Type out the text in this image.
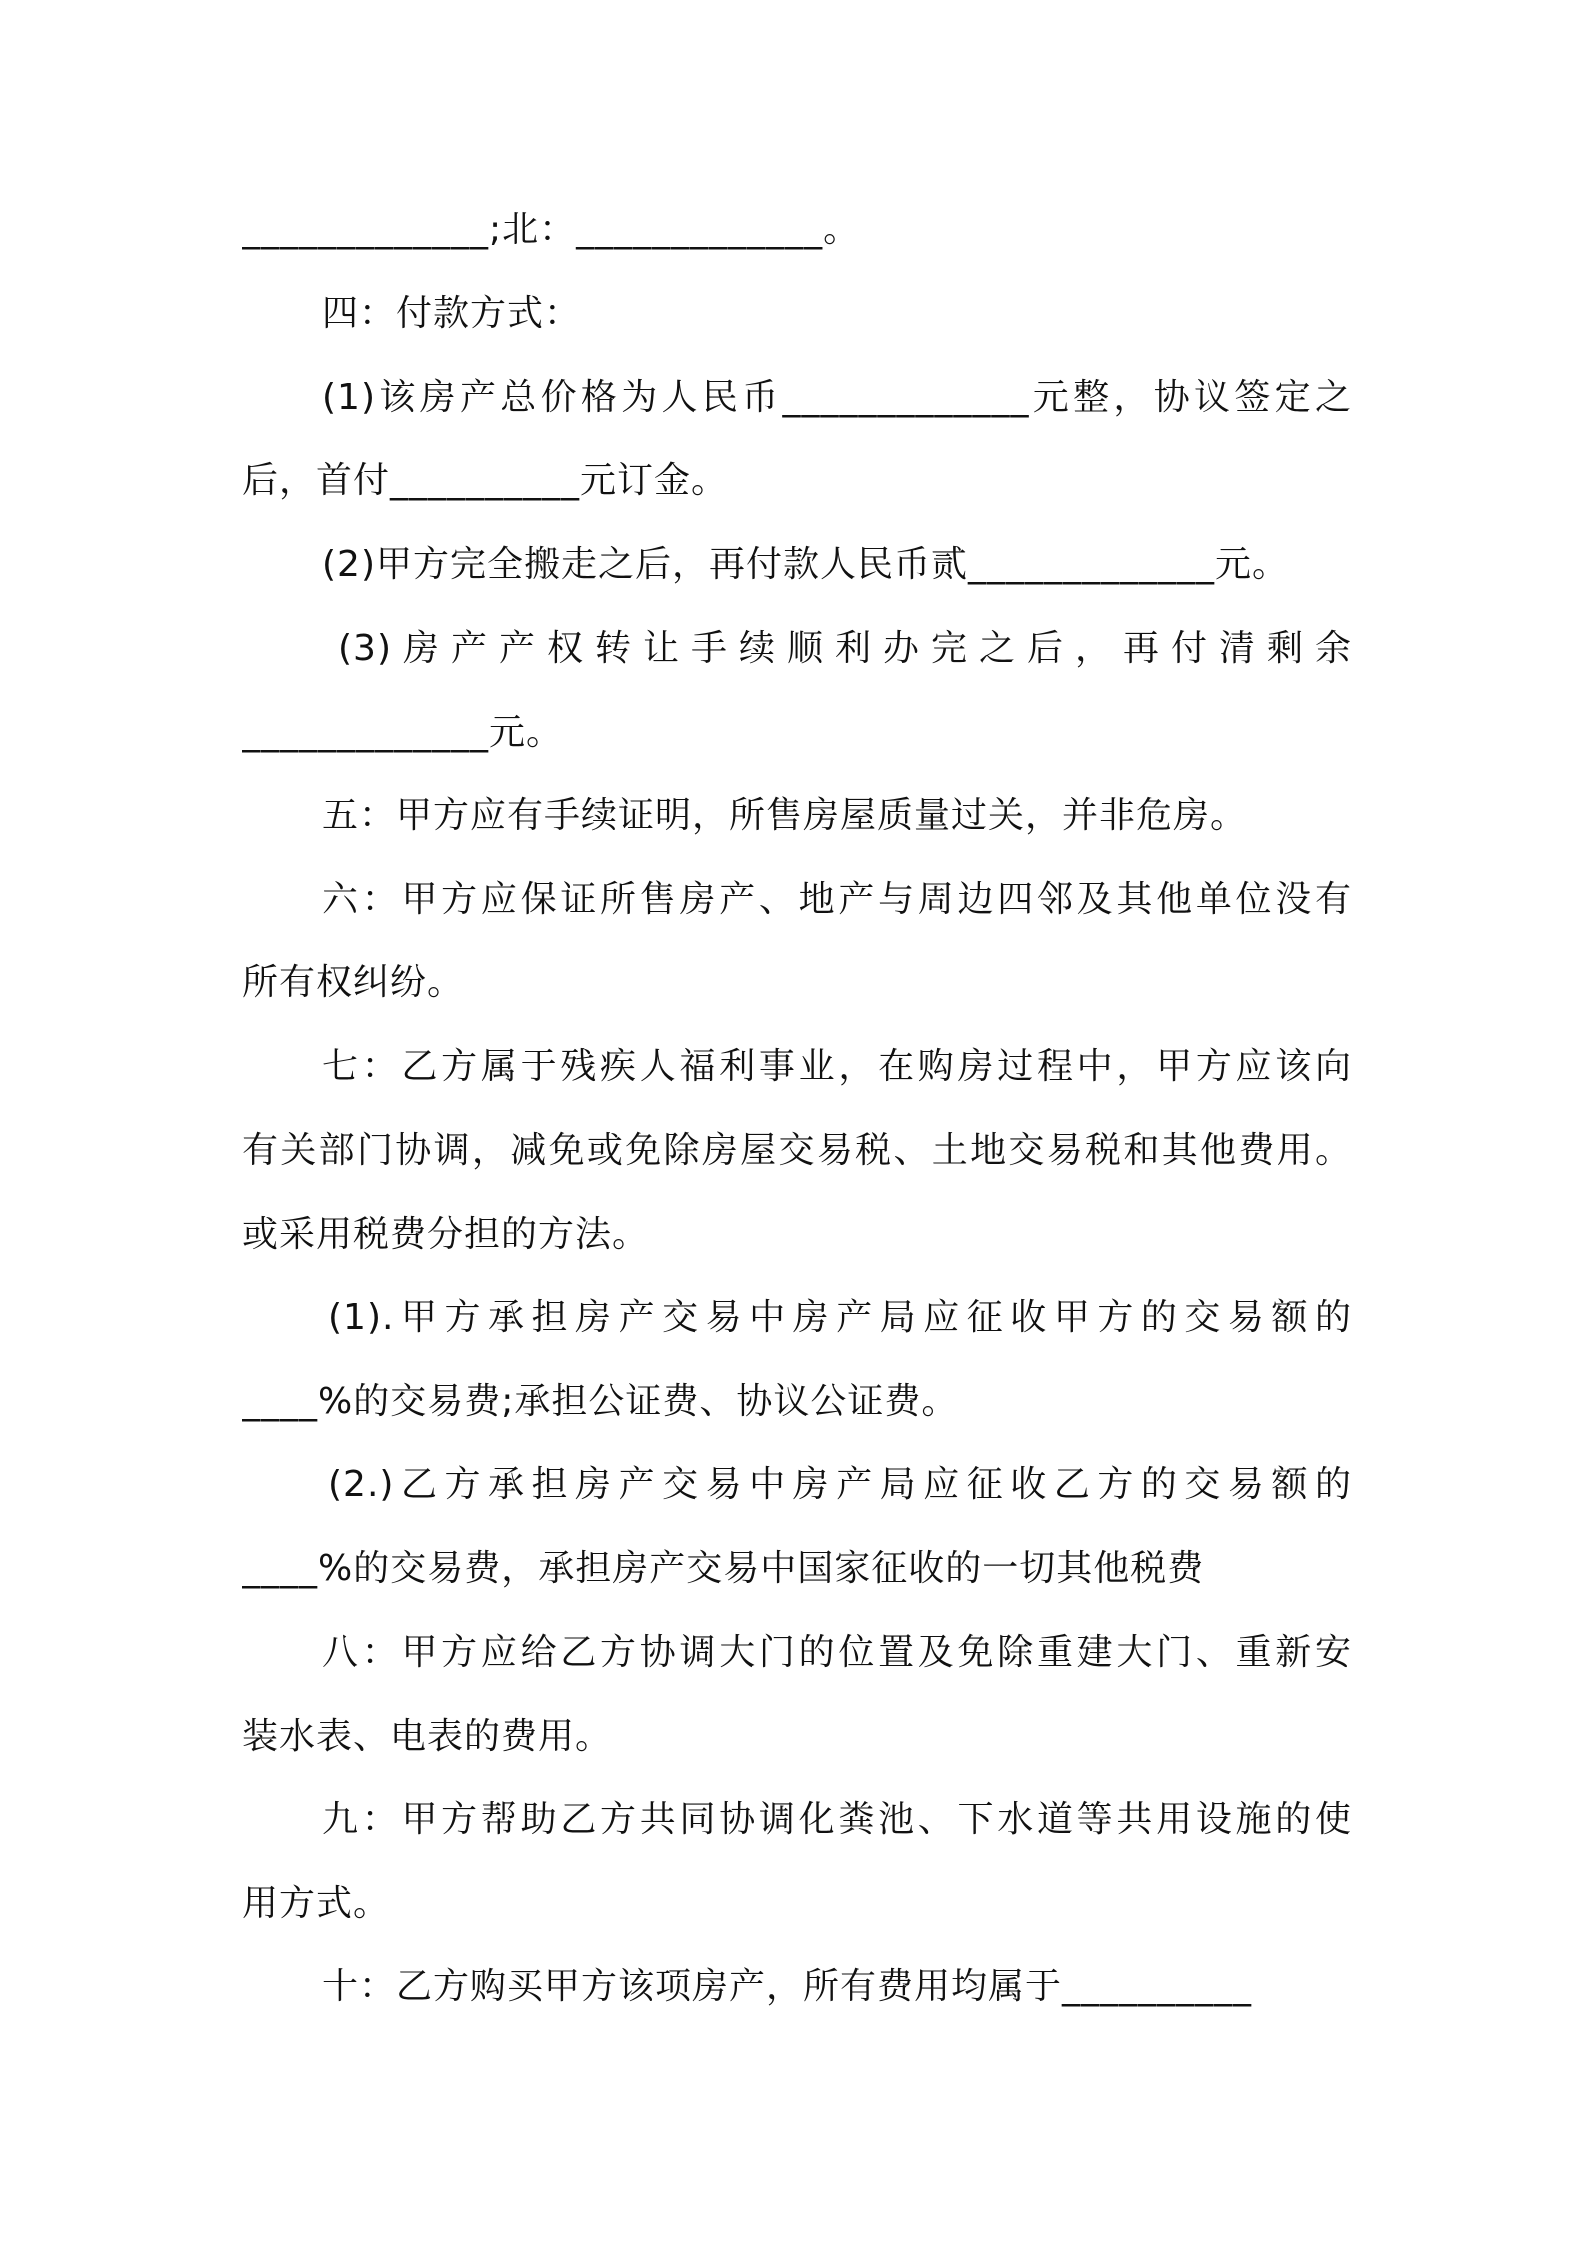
_____________;北：_____________。
四：付款方式：
(1)该房产总价格为人民币_____________元整，协议签定之
后，首付__________元订金。
(2)甲方完全搬走之后，再付款人民币贰_____________元。
(3)房产产权转让手续顺利办完之后，再付清剩余
_____________元。
五：甲方应有手续证明，所售房屋质量过关，并非危房。
六：甲方应保证所售房产、地产与周边四邻及其他单位没有
所有权纠纷。
七：乙方属于残疾人福利事业，在购房过程中，甲方应该向
有关部门协调，减免或免除房屋交易税、土地交易税和其他费用。
或采用税费分担的方法。
(1).甲方承担房产交易中房产局应征收甲方的交易额的
____%的交易费;承担公证费、协议公证费。
(2.)乙方承担房产交易中房产局应征收乙方的交易额的
____%的交易费，承担房产交易中国家征收的一切其他税费
八：甲方应给乙方协调大门的位置及免除重建大门、重新安
装水表、电表的费用。
九：甲方帮助乙方共同协调化粪池、下水道等共用设施的使
用方式。
十：乙方购买甲方该项房产，所有费用均属于__________
